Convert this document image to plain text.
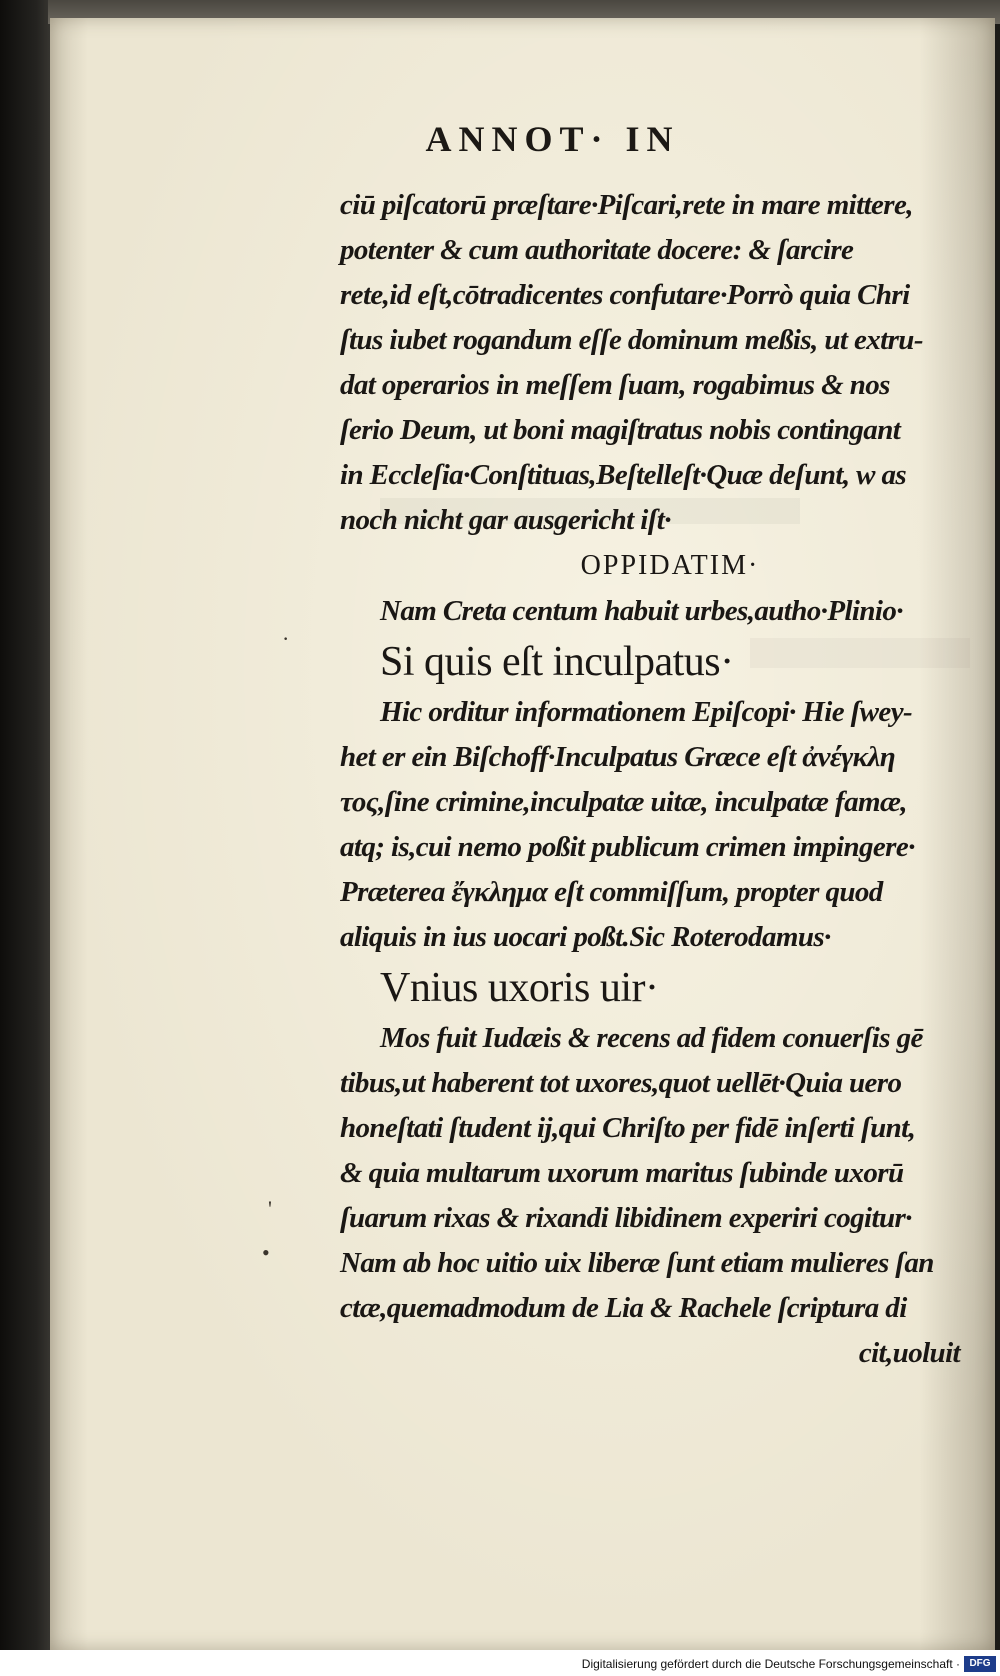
ANNOT· IN
ciū piſcatorū præſtare·Piſcari,rete in mare mittere,
potenter & cum authoritate docere: & ſarcire
rete,id eſt,cōtradicentes confutare·Porrò quia Chri
ſtus iubet rogandum eſſe dominum meßis, ut extru-
dat operarios in meſſem ſuam, rogabimus & nos
ſerio Deum, ut boni magiſtratus nobis contingant
in Eccleſia·Conſtituas,Beſtelleſt·Quæ deſunt, w as
noch nicht gar ausgericht iſt·
OPPIDATIM·
Nam Creta centum habuit urbes,autho·Plinio·
Si quis eſt inculpatus·
Hic orditur informationem Epiſcopi· Hie ſwey-
het er ein Biſchoff·Inculpatus Græce eſt ἀνέγκλη
τος,ſine crimine,inculpatæ uitæ, inculpatæ famæ,
atq; is,cui nemo poßit publicum crimen impingere·
Præterea ἔγκλημα eſt commiſſum, propter quod
aliquis in ius uocari poßt.Sic Roterodamus·
Vnius uxoris uir·
Mos fuit Iudæis & recens ad fidem conuerſis gē
tibus,ut haberent tot uxores,quot uellēt·Quia uero
honeſtati ſtudent ij,qui Chriſto per fidē inſerti ſunt,
& quia multarum uxorum maritus ſubinde uxorū
ſuarum rixas & rixandi libidinem experiri cogitur·
Nam ab hoc uitio uix liberæ ſunt etiam mulieres ſan
ctæ,quemadmodum de Lia & Rachele ſcriptura di
cit,uoluit
·
'
•
Digitalisierung gefördert durch die Deutsche Forschungsgemeinschaft · DFG
